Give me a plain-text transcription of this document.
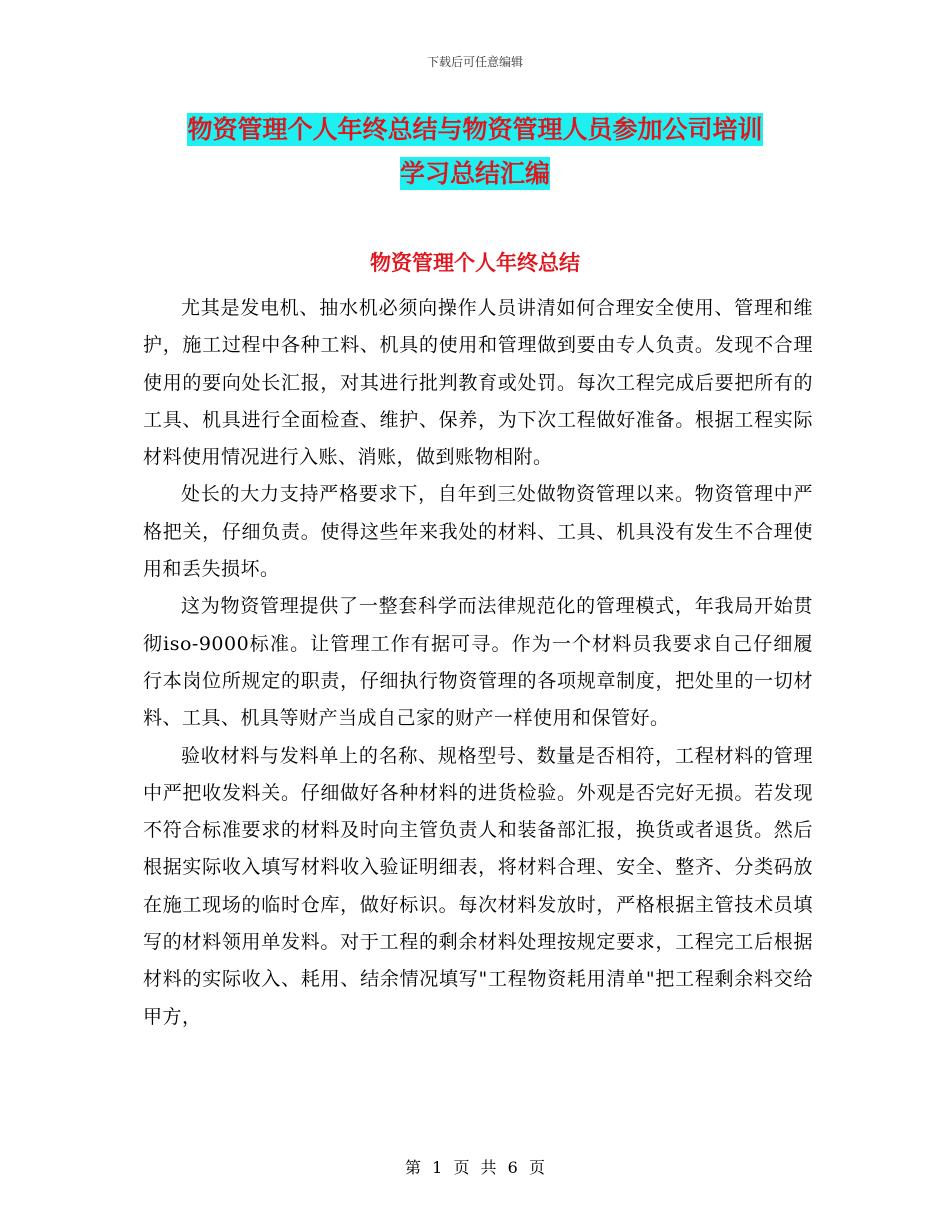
下载后可任意编辑
物资管理个人年终总结与物资管理人员参加公司培训
学习总结汇编
物资管理个人年终总结

尤其是发电机、抽水机必须向操作人员讲清如何合理安全使用、管理和维护，施工过程中各种工料、机具的使用和管理做到要由专人负责。发现不合理使用的要向处长汇报，对其进行批判教育或处罚。每次工程完成后要把所有的工具、机具进行全面检查、维护、保养，为下次工程做好准备。根据工程实际材料使用情况进行入账、消账，做到账物相附。

处长的大力支持严格要求下，自年到三处做物资管理以来。物资管理中严格把关，仔细负责。使得这些年来我处的材料、工具、机具没有发生不合理使用和丢失损坏。

这为物资管理提供了一整套科学而法律规范化的管理模式，年我局开始贯彻iso-9000标准。让管理工作有据可寻。作为一个材料员我要求自己仔细履行本岗位所规定的职责，仔细执行物资管理的各项规章制度，把处里的一切材料、工具、机具等财产当成自己家的财产一样使用和保管好。

验收材料与发料单上的名称、规格型号、数量是否相符，工程材料的管理中严把收发料关。仔细做好各种材料的进货检验。外观是否完好无损。若发现不符合标准要求的材料及时向主管负责人和装备部汇报，换货或者退货。然后根据实际收入填写材料收入验证明细表，将材料合理、安全、整齐、分类码放在施工现场的临时仓库，做好标识。每次材料发放时，严格根据主管技术员填写的材料领用单发料。对于工程的剩余材料处理按规定要求，工程完工后根据材料的实际收入、耗用、结余情况填写"工程物资耗用清单"把工程剩余料交给甲方，

第 1 页 共 6 页
